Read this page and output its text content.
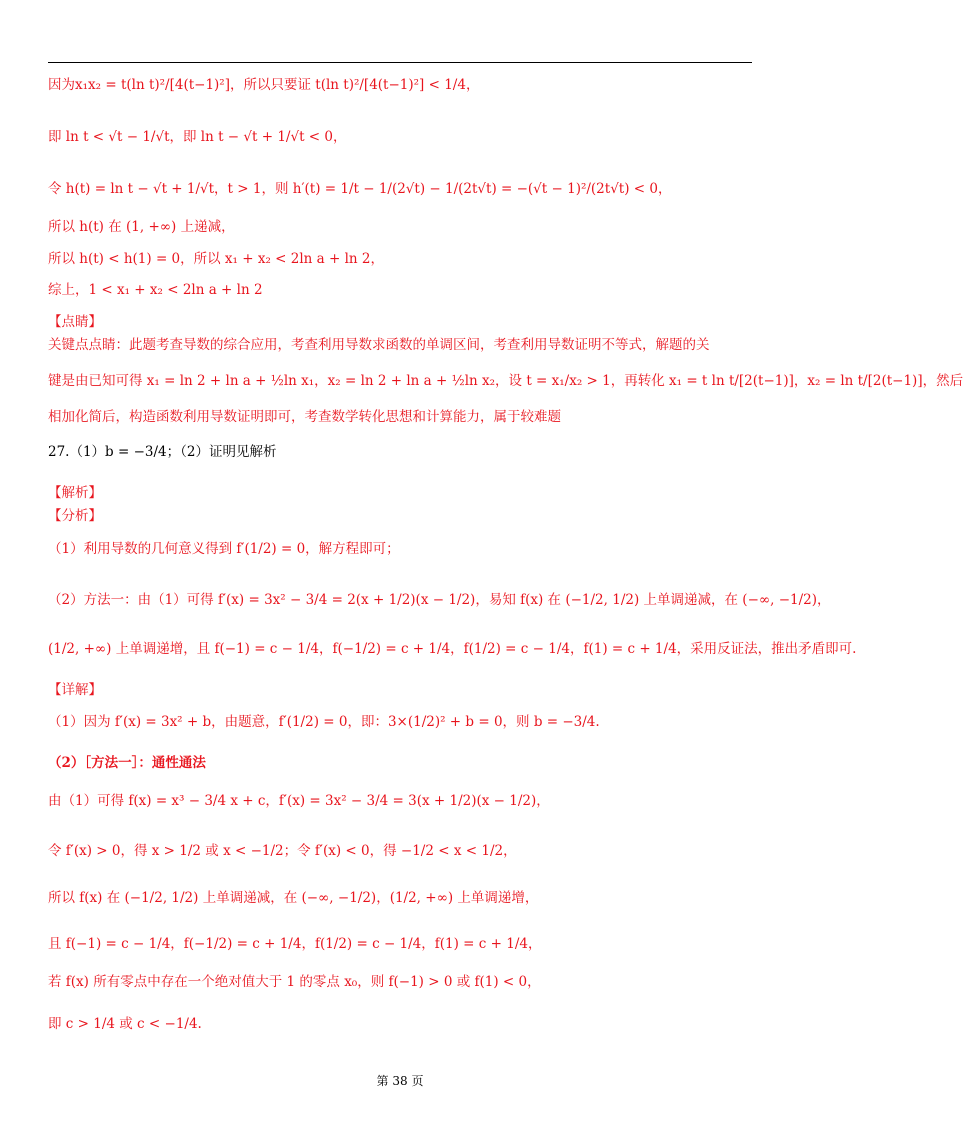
因为x₁x₂ = t(ln t)²/[4(t−1)²]，所以只要证 t(ln t)²/[4(t−1)²] < 1/4，
即 ln t < √t − 1/√t，即 ln t − √t + 1/√t < 0，
令 h(t) = ln t − √t + 1/√t，t > 1，则 h′(t) = 1/t − 1/(2√t) − 1/(2t√t) = −(√t − 1)²/(2t√t) < 0，
所以 h(t) 在 (1, +∞) 上递减，
所以 h(t) < h(1) = 0，所以 x₁ + x₂ < 2ln a + ln 2，
综上，1 < x₁ + x₂ < 2ln a + ln 2
【点睛】
关键点点睛：此题考查导数的综合应用，考查利用导数求函数的单调区间，考查利用导数证明不等式，解题的关
键是由已知可得 x₁ = ln 2 + ln a + ½ln x₁，x₂ = ln 2 + ln a + ½ln x₂，设 t = x₁/x₂ > 1，再转化 x₁ = t ln t/[2(t−1)]，x₂ = ln t/[2(t−1)]，然后
相加化简后，构造函数利用导数证明即可，考查数学转化思想和计算能力，属于较难题
27.（1）b = −3/4；（2）证明见解析
【解析】
【分析】
（1）利用导数的几何意义得到 f′(1/2) = 0，解方程即可；
（2）方法一：由（1）可得 f′(x) = 3x² − 3/4 = 2(x + 1/2)(x − 1/2)，易知 f(x) 在 (−1/2, 1/2) 上单调递减，在 (−∞, −1/2)，
(1/2, +∞) 上单调递增，且 f(−1) = c − 1/4，f(−1/2) = c + 1/4，f(1/2) = c − 1/4，f(1) = c + 1/4，采用反证法，推出矛盾即可.
【详解】
（1）因为 f′(x) = 3x² + b，由题意，f′(1/2) = 0，即：3×(1/2)² + b = 0，则 b = −3/4.
（2）［方法一］：通性通法
由（1）可得 f(x) = x³ − 3/4 x + c，f′(x) = 3x² − 3/4 = 3(x + 1/2)(x − 1/2)，
令 f′(x) > 0，得 x > 1/2 或 x < −1/2；令 f′(x) < 0，得 −1/2 < x < 1/2，
所以 f(x) 在 (−1/2, 1/2) 上单调递减，在 (−∞, −1/2)，(1/2, +∞) 上单调递增，
且 f(−1) = c − 1/4，f(−1/2) = c + 1/4，f(1/2) = c − 1/4，f(1) = c + 1/4，
若 f(x) 所有零点中存在一个绝对值大于 1 的零点 x₀，则 f(−1) > 0 或 f(1) < 0，
即 c > 1/4 或 c < −1/4.
第 38 页
